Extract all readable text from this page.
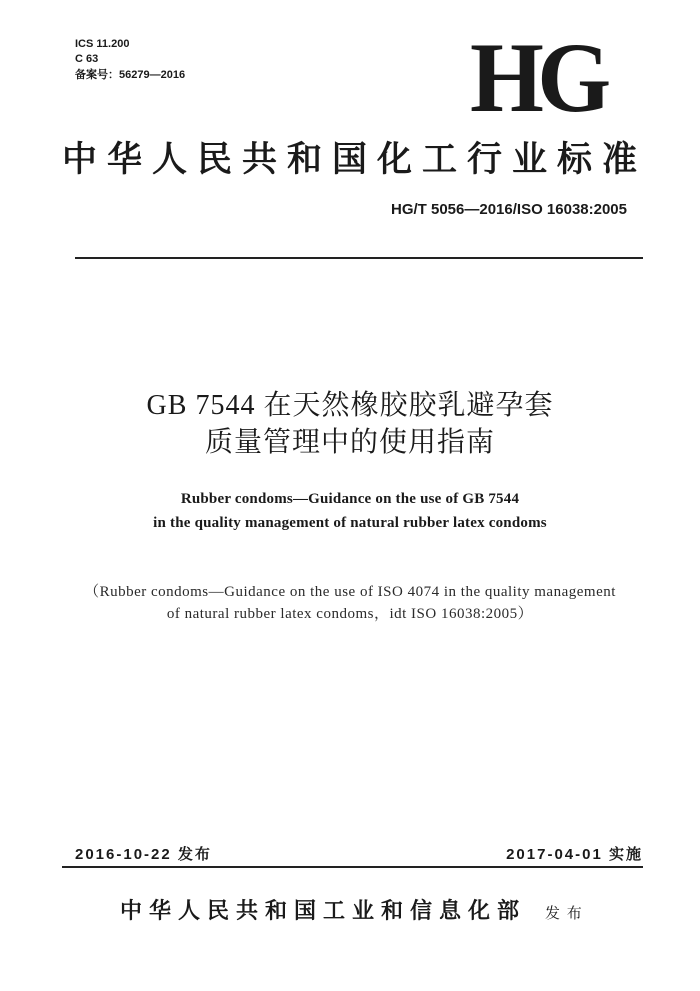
ICS 11.200
C 63
备案号：56279—2016	HG
中华人民共和国化工行业标准
HG/T 5056—2016/ISO 16038:2005
GB 7544 在天然橡胶胶乳避孕套
质量管理中的使用指南
Rubber condoms—Guidance on the use of GB 7544
in the quality management of natural rubber latex condoms
（Rubber condoms—Guidance on the use of ISO 4074 in the quality management
of natural rubber latex condoms，idt ISO 16038:2005）
2016-10-22 发布	2017-04-01 实施
中华人民共和国工业和信息化部 发 布
